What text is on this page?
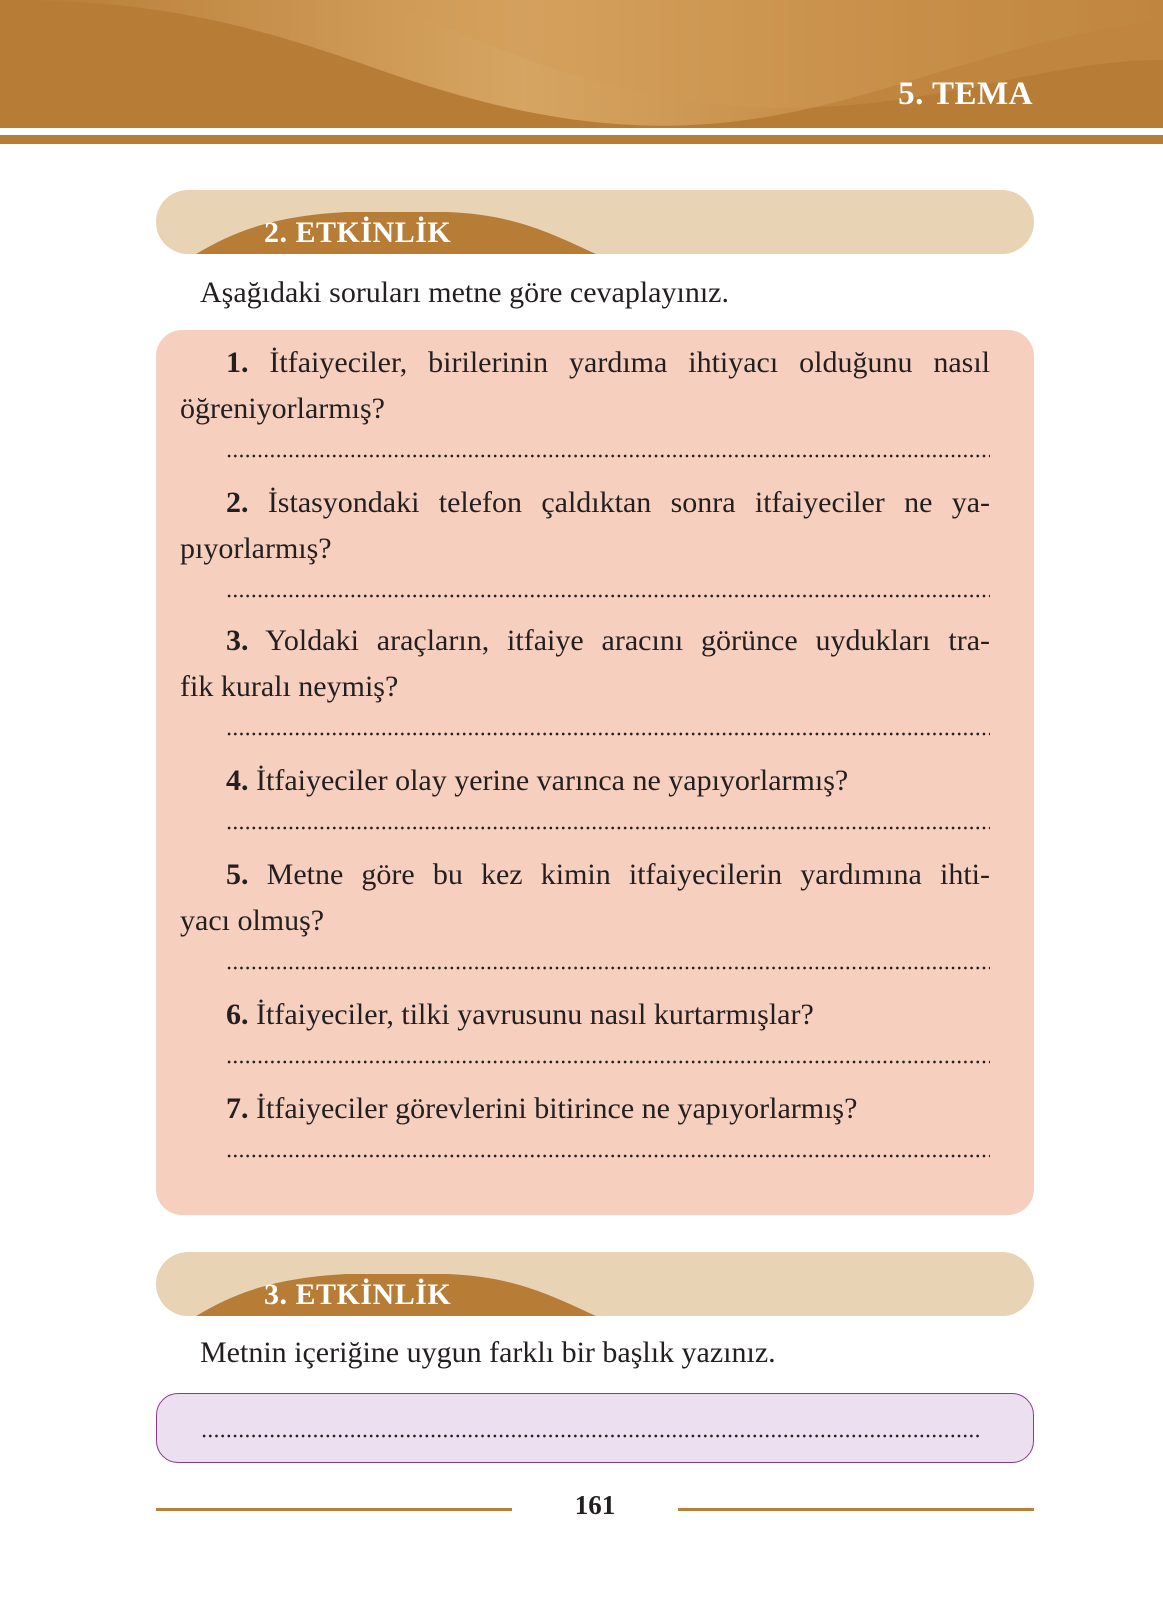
5. TEMA
2. ETKİNLİK
Aşağıdaki soruları metne göre cevaplayınız.
1. İtfaiyeciler, birilerinin yardıma ihtiyacı olduğunu nasıl
öğreniyorlarmış?
2. İstasyondaki telefon çaldıktan sonra itfaiyeciler ne ya-
pıyorlarmış?
3. Yoldaki araçların, itfaiye aracını görünce uydukları tra-
fik kuralı neymiş?
4. İtfaiyeciler olay yerine varınca ne yapıyorlarmış?
5. Metne göre bu kez kimin itfaiyecilerin yardımına ihti-
yacı olmuş?
6. İtfaiyeciler, tilki yavrusunu nasıl kurtarmışlar?
7. İtfaiyeciler görevlerini bitirince ne yapıyorlarmış?
3. ETKİNLİK
Metnin içeriğine uygun farklı bir başlık yazınız.
161
